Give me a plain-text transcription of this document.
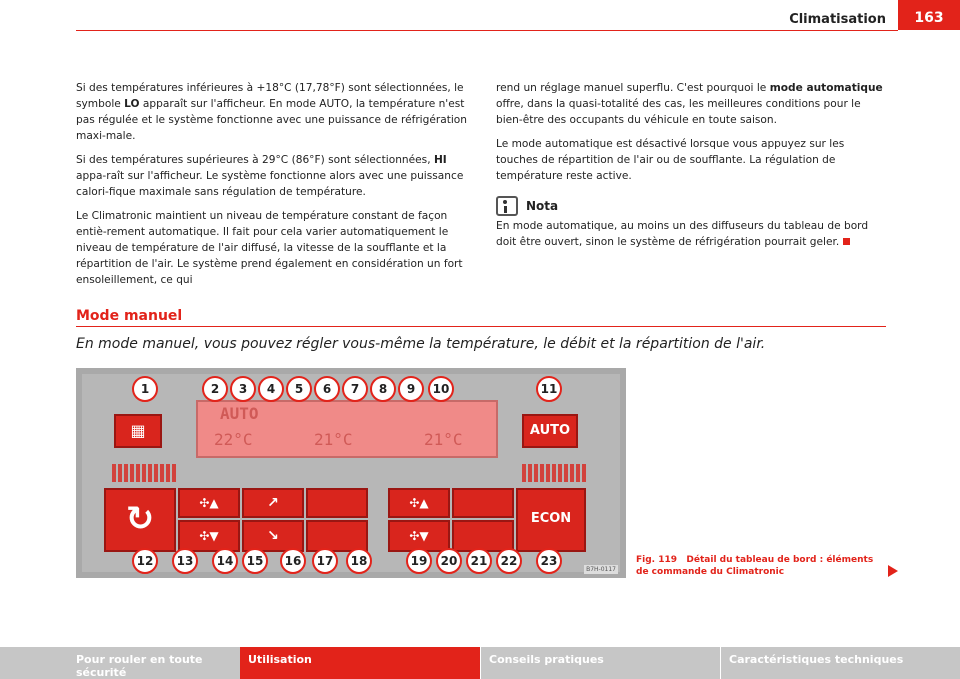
Climatisation	163

Si des températures inférieures à +18°C (17,78°F) sont sélectionnées, le symbole LO apparaît sur l'afficheur. En mode AUTO, la température n'est pas régulée et le système fonctionne avec une puissance de réfrigération maxi-male.

Si des températures supérieures à 29°C (86°F) sont sélectionnées, HI appa-raît sur l'afficheur. Le système fonctionne alors avec une puissance calori-fique maximale sans régulation de température.

Le Climatronic maintient un niveau de température constant de façon entiè-rement automatique. Il fait pour cela varier automatiquement le niveau de température de l'air diffusé, la vitesse de la soufflante et la répartition de l'air. Le système prend également en considération un fort ensoleillement, ce qui

rend un réglage manuel superflu. C'est pourquoi le mode automatique offre, dans la quasi-totalité des cas, les meilleures conditions pour le bien-être des occupants du véhicule en toute saison.

Le mode automatique est désactivé lorsque vous appuyez sur les touches de répartition de l'air ou de soufflante. La régulation de température reste active.

Nota

En mode automatique, au moins un des diffuseurs du tableau de bord doit être ouvert, sinon le système de réfrigération pourrait geler.

Mode manuel
En mode manuel, vous pouvez régler vous-même la température, le débit et la répartition de l'air.
▦
AUTO
22°C	21°C	21°C	AUTO
↻	✣▲
✣▼
↗
↘
✣▲
✣▼
ECON
1	2	3	4	5	6	7	8	9	10	11
12	13	14	15	16	17	18	19	20	21	22	23
B7H-0117
Fig. 119 Détail du tableau de bord : éléments de commande du Climatronic
Pour rouler en toute sécurité
Utilisation	Conseils pratiques	Caractéristiques techniques
